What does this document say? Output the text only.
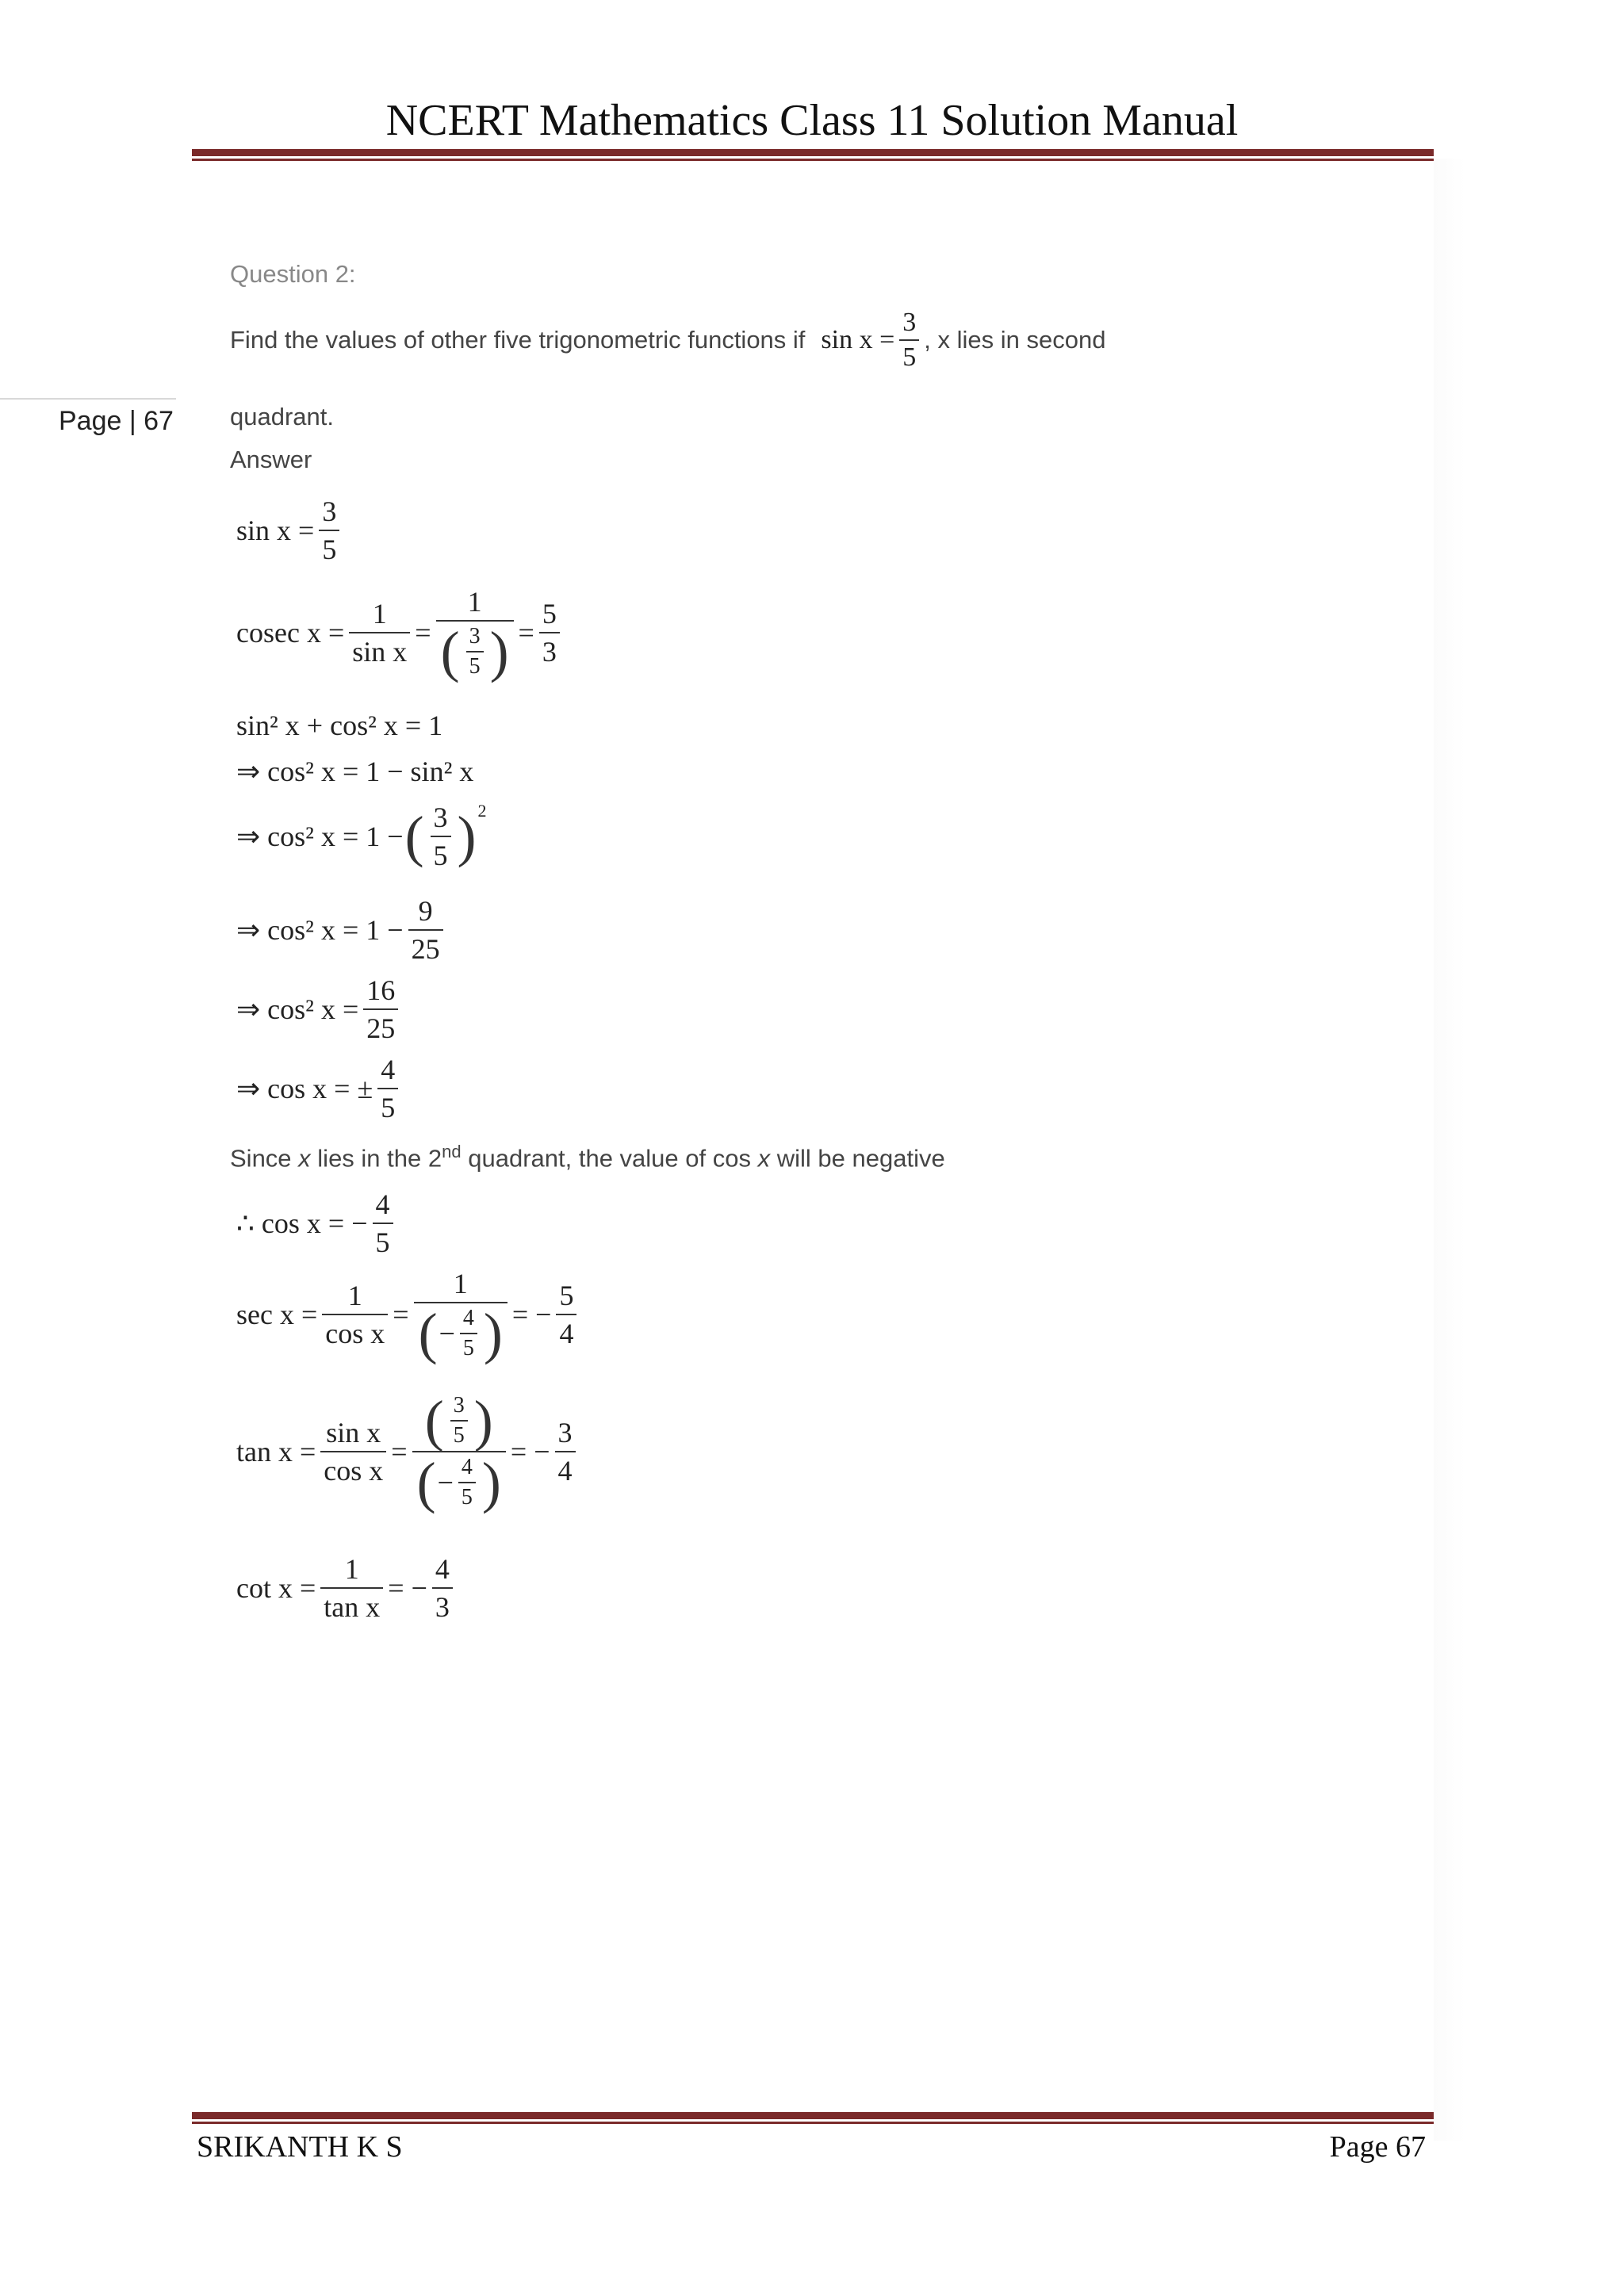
NCERT Mathematics Class 11 Solution Manual
Page | 67
Question 2:
Find the values of other five trigonometric functions if $\sin x = \frac{3}{5}$ , x lies in second
quadrant.
Answer
$\sin x = \frac{3}{5}$
cosec $x = \frac{1}{\text{sin x}} = \frac{1}{( \frac{3}{5} )} = \frac{5}{3}$
sin² x + cos² x = 1
⇒ cos² x = 1 − sin² x
⇒ cos² x = 1 − ( $\frac{3}{5} )^2$
⇒ cos² $x = 1 - \frac{9}{25}$
⇒ cos² $x = \frac{16}{25}$
⇒ cos x = ± $\frac{4}{5}$
Since x lies in the 2nd quadrant, the value of cos x will be negative
∴ cos x = − $\frac{4}{5}$
$\sec x = \frac{1}{\text{cos x}} = \frac{1}{( - \frac{4}{5} )}$ = − $\frac{5}{4}$
$\tan x = \frac{\text{sin x}}{\text{cos x}} = \frac{( \frac{3}{5} )}{( - \frac{4}{5} )}$ = − $\frac{3}{4}$
$\cot x = \frac{1}{\text{tan x}}$ = − $\frac{4}{3}$
SRIKANTH K S	Page 67
